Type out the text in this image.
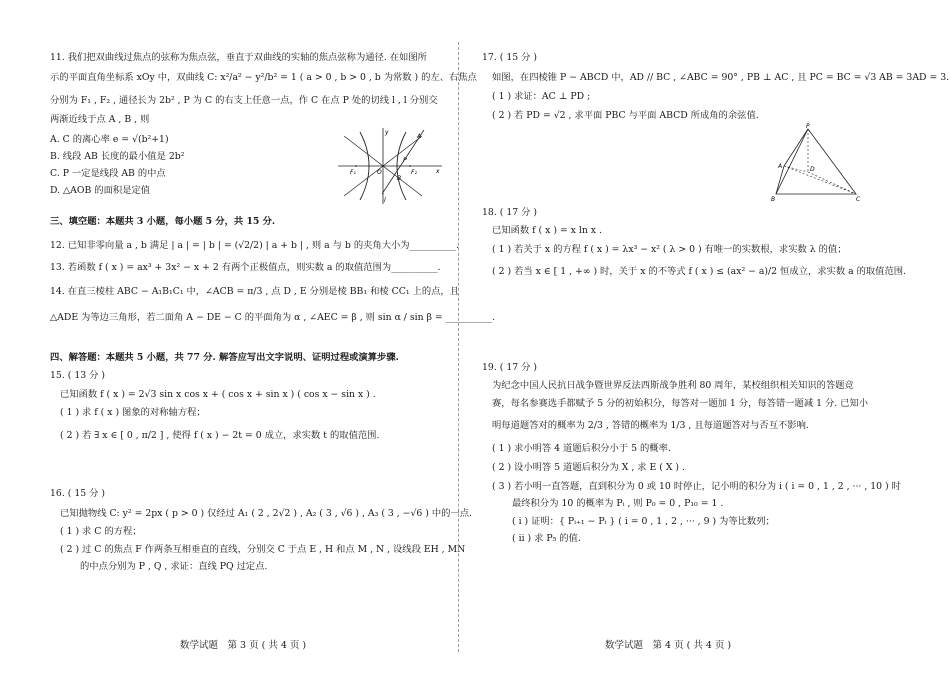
11. 我们把双曲线过焦点的弦称为焦点弦，垂直于双曲线的实轴的焦点弦称为通径. 在如图所
示的平面直角坐标系 xOy 中，双曲线 C: x²/a² − y²/b² = 1 ( a > 0 , b > 0 , b 为常数 ) 的左、右焦点
分别为 F₁ , F₂ , 通径长为 2b² , P 为 C 的右支上任意一点，作 C 在点 P 处的切线 l , l 分别交
两渐近线于点 A , B , 则
A. C 的离心率 e = √(b²+1)
B. 线段 AB 长度的最小值是 2b²
C. P 一定是线段 AB 的中点
D. △AOB 的面积是定值
y
x
O
F₁	F₂
P
A
B
l
三、填空题：本题共 3 小题，每小题 5 分，共 15 分.
12. 已知非零向量 a , b 满足 | a | = | b | = (√2/2) | a + b | , 则 a 与 b 的夹角大小为__________.
13. 若函数 f ( x ) = ax³ + 3x² − x + 2 有两个正极值点，则实数 a 的取值范围为__________.
14. 在直三棱柱 ABC − A₁B₁C₁ 中，∠ACB = π/3 , 点 D , E 分别是棱 BB₁ 和棱 CC₁ 上的点，且
△ADE 为等边三角形，若二面角 A − DE − C 的平面角为 α , ∠AEC = β , 则 sin α / sin β = __________.
四、解答题：本题共 5 小题，共 77 分. 解答应写出文字说明、证明过程或演算步骤.
15. ( 13 分 )
已知函数 f ( x ) = 2√3 sin x cos x + ( cos x + sin x ) ( cos x − sin x ) .
( 1 ) 求 f ( x ) 图象的对称轴方程；
( 2 ) 若 ∃ x ∈ [ 0 , π/2 ] , 使得 f ( x ) − 2t = 0 成立，求实数 t 的取值范围.
16. ( 15 分 )
已知抛物线 C: y² = 2px ( p > 0 ) 仅经过 A₁ ( 2 , 2√2 ) , A₂ ( 3 , √6 ) , A₃ ( 3 , −√6 ) 中的一点.
( 1 ) 求 C 的方程；
( 2 ) 过 C 的焦点 F 作两条互相垂直的直线，分别交 C 于点 E , H 和点 M , N , 设线段 EH , MN
的中点分别为 P , Q , 求证：直线 PQ 过定点.
数学试题　第 3 页 ( 共 4 页 )
17. ( 15 分 )
如图，在四棱锥 P − ABCD 中，AD // BC , ∠ABC = 90° , PB ⊥ AC , 且 PC = BC = √3 AB = 3AD = 3.
( 1 ) 求证：AC ⊥ PD ;
( 2 ) 若 PD = √2 , 求平面 PBC 与平面 ABCD 所成角的余弦值.
P
A	D
B	C
18. ( 17 分 )
已知函数 f ( x ) = x ln x .
( 1 ) 若关于 x 的方程 f ( x ) = λx³ − x² ( λ > 0 ) 有唯一的实数根，求实数 λ 的值；
( 2 ) 若当 x ∈ [ 1 , +∞ ) 时，关于 x 的不等式 f ( x ) ≤ (ax² − a)/2 恒成立，求实数 a 的取值范围.
19. ( 17 分 )
为纪念中国人民抗日战争暨世界反法西斯战争胜利 80 周年，某校组织相关知识的答题竞
赛，每名参赛选手都赋予 5 分的初始积分，每答对一题加 1 分，每答错一题减 1 分. 已知小
明每道题答对的概率为 2/3 , 答错的概率为 1/3 , 且每道题答对与否互不影响.
( 1 ) 求小明答 4 道题后积分小于 5 的概率.
( 2 ) 设小明答 5 道题后积分为 X , 求 E ( X ) .
( 3 ) 若小明一直答题，直到积分为 0 或 10 时停止，记小明的积分为 i ( i = 0 , 1 , 2 , ··· , 10 ) 时
最终积分为 10 的概率为 Pᵢ , 则 P₀ = 0 , P₁₀ = 1 .
( ⅰ ) 证明：{ Pᵢ₊₁ − Pᵢ } ( i = 0 , 1 , 2 , ··· , 9 ) 为等比数列；
( ⅱ ) 求 P₅ 的值.
数学试题　第 4 页 ( 共 4 页 )
